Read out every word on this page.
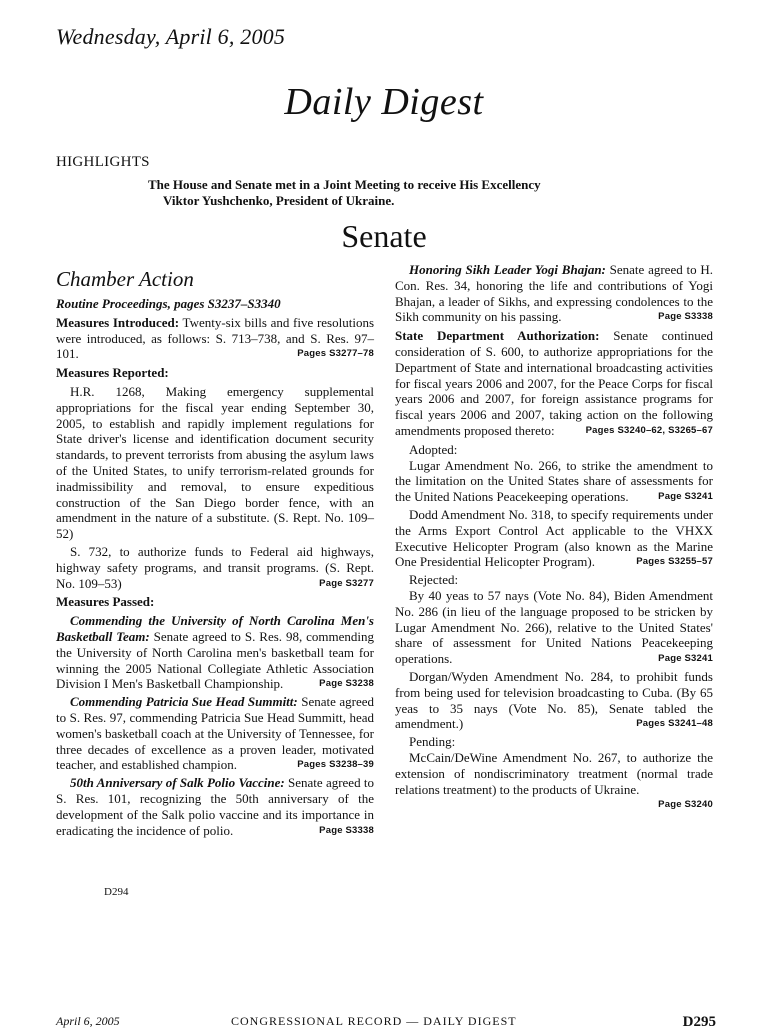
Wednesday, April 6, 2005
Daily Digest
HIGHLIGHTS
The House and Senate met in a Joint Meeting to receive His Excellency
Viktor Yushchenko, President of Ukraine.
Senate
Chamber Action
Routine Proceedings, pages S3237–S3340

Measures Introduced: Twenty-six bills and five resolutions were introduced, as follows: S. 713–738, and S. Res. 97–101.	Pages S3277–78

Measures Reported:

H.R. 1268, Making emergency supplemental appropriations for the fiscal year ending September 30, 2005, to establish and rapidly implement regulations for State driver's license and identification document security standards, to prevent terrorists from abusing the asylum laws of the United States, to unify terrorism-related grounds for inadmissibility and removal, to ensure expeditious construction of the San Diego border fence, with an amendment in the nature of a substitute. (S. Rept. No. 109–52)

S. 732, to authorize funds to Federal aid highways, highway safety programs, and transit programs. (S. Rept. No. 109–53)	Page S3277

Measures Passed:

Commending the University of North Carolina Men's Basketball Team: Senate agreed to S. Res. 98, commending the University of North Carolina men's basketball team for winning the 2005 National Collegiate Athletic Association Division I Men's Basketball Championship.	Page S3238

Commending Patricia Sue Head Summitt: Senate agreed to S. Res. 97, commending Patricia Sue Head Summitt, head women's basketball coach at the University of Tennessee, for three decades of excellence as a proven leader, motivated teacher, and established champion.	Pages S3238–39

50th Anniversary of Salk Polio Vaccine: Senate agreed to S. Res. 101, recognizing the 50th anniversary of the development of the Salk polio vaccine and its importance in eradicating the incidence of polio.	Page S3338

D294

Honoring Sikh Leader Yogi Bhajan: Senate agreed to H. Con. Res. 34, honoring the life and contributions of Yogi Bhajan, a leader of Sikhs, and expressing condolences to the Sikh community on his passing.	Page S3338

State Department Authorization: Senate continued consideration of S. 600, to authorize appropriations for the Department of State and international broadcasting activities for fiscal years 2006 and 2007, for the Peace Corps for fiscal years 2006 and 2007, for foreign assistance programs for fiscal years 2006 and 2007, taking action on the following amendments proposed thereto:	Pages S3240–62, S3265–67

Adopted:

Lugar Amendment No. 266, to strike the amendment to the limitation on the United States share of assessments for the United Nations Peacekeeping operations.	Page S3241

Dodd Amendment No. 318, to specify requirements under the Arms Export Control Act applicable to the VHXX Executive Helicopter Program (also known as the Marine One Presidential Helicopter Program).	Pages S3255–57

Rejected:

By 40 yeas to 57 nays (Vote No. 84), Biden Amendment No. 286 (in lieu of the language proposed to be stricken by Lugar Amendment No. 266), relative to the United States' share of assessment for United Nations Peacekeeping operations.	Page S3241

Dorgan/Wyden Amendment No. 284, to prohibit funds from being used for television broadcasting to Cuba. (By 65 yeas to 35 nays (Vote No. 85), Senate tabled the amendment.)	Pages S3241–48

Pending:

McCain/DeWine Amendment No. 267, to authorize the extension of nondiscriminatory treatment (normal trade relations treatment) to the products of Ukraine.
Page S3240

April 6, 2005	CONGRESSIONAL RECORD — DAILY DIGEST	D295
